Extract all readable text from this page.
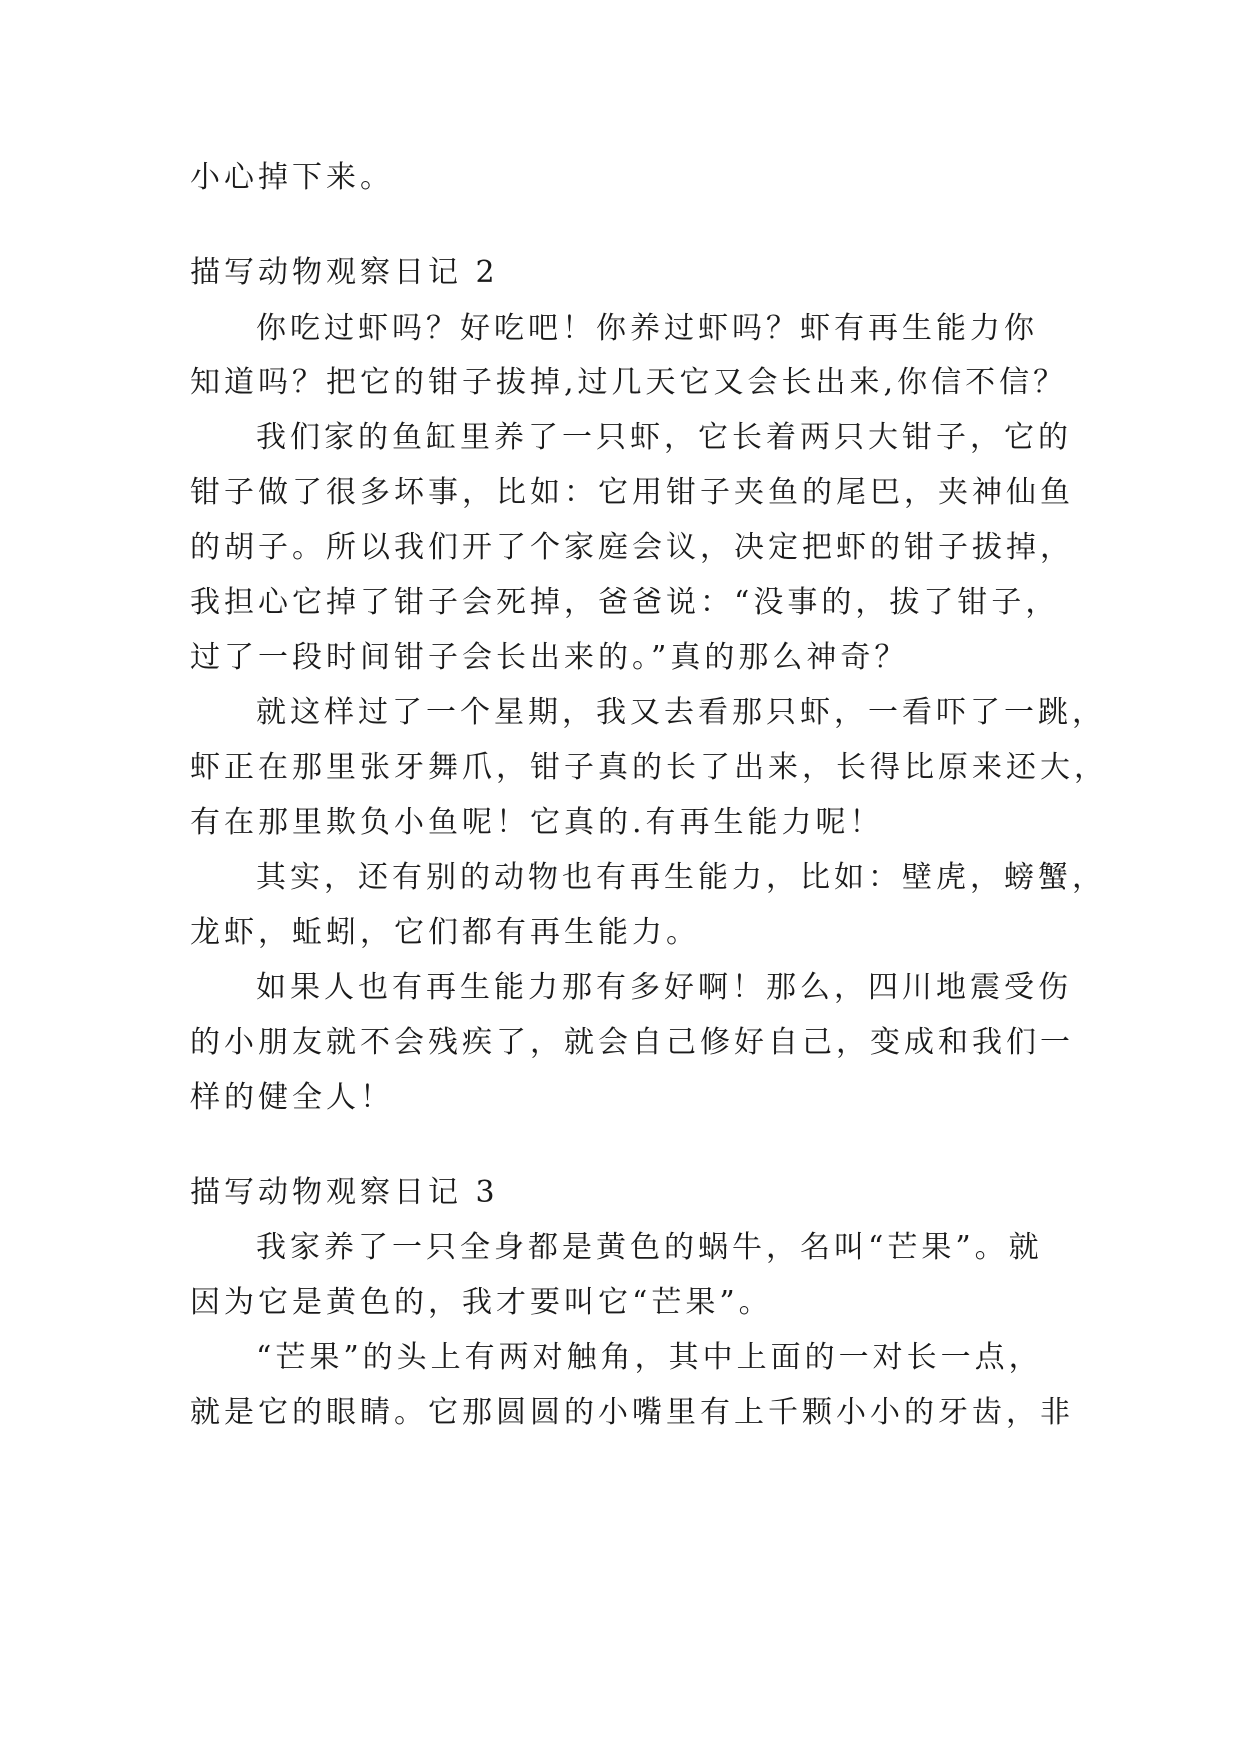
小心掉下来。
描写动物观察日记 2
你吃过虾吗？好吃吧！你养过虾吗？虾有再生能力你
知道吗？把它的钳子拔掉,过几天它又会长出来,你信不信？
我们家的鱼缸里养了一只虾，它长着两只大钳子，它的
钳子做了很多坏事，比如：它用钳子夹鱼的尾巴，夹神仙鱼
的胡子。所以我们开了个家庭会议，决定把虾的钳子拔掉，
我担心它掉了钳子会死掉，爸爸说：“没事的，拔了钳子，
过了一段时间钳子会长出来的。”真的那么神奇？
就这样过了一个星期，我又去看那只虾，一看吓了一跳，
虾正在那里张牙舞爪，钳子真的长了出来，长得比原来还大，
有在那里欺负小鱼呢！它真的.有再生能力呢！
其实，还有别的动物也有再生能力，比如：壁虎，螃蟹，
龙虾，蚯蚓，它们都有再生能力。
如果人也有再生能力那有多好啊！那么，四川地震受伤
的小朋友就不会残疾了，就会自己修好自己，变成和我们一
样的健全人！
描写动物观察日记 3
我家养了一只全身都是黄色的蜗牛，名叫“芒果”。就
因为它是黄色的，我才要叫它“芒果”。
“芒果”的头上有两对触角，其中上面的一对长一点，
就是它的眼睛。它那圆圆的小嘴里有上千颗小小的牙齿，非
